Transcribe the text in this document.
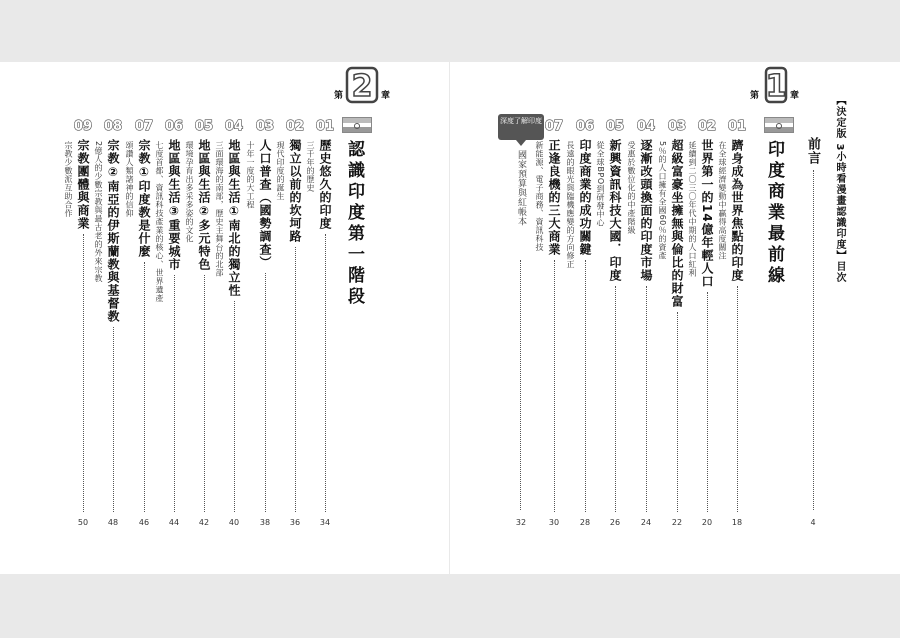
【決定版 3小時看漫畫認識印度】目次
前言
4
第 1 章
印度商業最前線
01
躋身成為世界焦點的印度
在全球經濟變動中贏得高度關注
18
02
世界第一的14億年輕人口
延續到二〇三〇年代中期的人口紅利
20
03
超級富豪坐擁無與倫比的財富
5％的人口擁有全國60％的資產
22
04
逐漸改頭換面的印度市場
受惠於數位化的中產階級
24
05
新興資訊科技大國．印度
從全球BPO到研發中心
26
06
印度商業的成功關鍵
長遠的眼光與臨機應變的方向修正
28
07
正逢良機的三大商業
新能源、電子商務、資訊科技
30
深度了解印度
國家預算與紅帳本
32
第 2 章
認識印度第一階段
01
歷史悠久的印度
三千年的歷史
34
02
獨立以前的坎坷路
現代印度的誕生
36
03
人口普查（國勢調查）
十年一度的大工程
38
04
地區與生活①南北的獨立性
三面環海的南部，歷史主舞台的北部
40
05
地區與生活②多元特色
環境孕育出多采多姿的文化
42
06
地區與生活③重要城市
七度首都、資訊科技產業的核心、世界遺產
44
07
宗教①印度教是什麼
頌讚人類諸神的信仰
46
08
宗教②南亞的伊斯蘭教與基督教
2億人的少數宗教與最古老的外來宗教
48
09
宗教團體與商業
宗教少數派互助合作
50
